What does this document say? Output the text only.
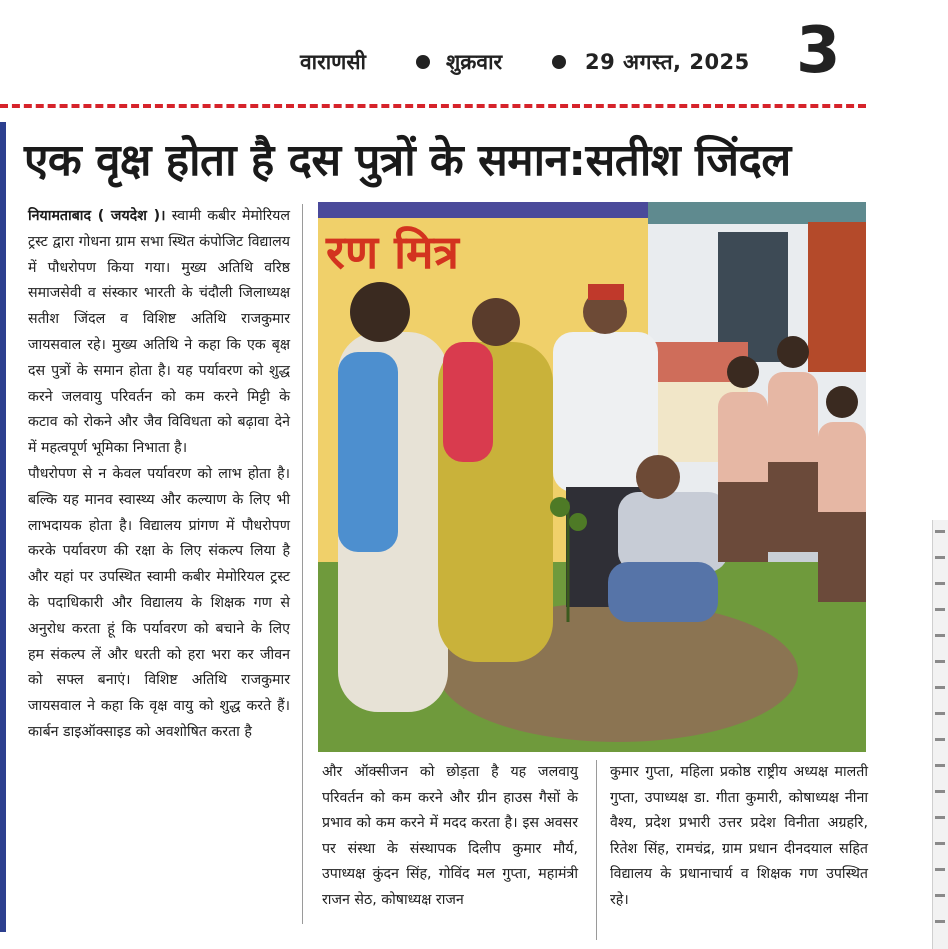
वाराणसी	शुक्रवार	29 अगस्त, 2025 3
एक वृक्ष होता है दस पुत्रों के समान:सतीश जिंदल

नियामताबाद ( जयदेश )। स्वामी कबीर मेमोरियल ट्रस्ट द्वारा गोधना ग्राम सभा स्थित कंपोजिट विद्यालय में पौधरोपण किया गया। मुख्य अतिथि वरिष्ठ समाजसेवी व संस्कार भारती के चंदौली जिलाध्यक्ष सतीश जिंदल व विशिष्ट अतिथि राजकुमार जायसवाल रहे। मुख्य अतिथि ने कहा कि एक बृक्ष दस पुत्रों के समान होता है। यह पर्यावरण को शुद्ध करने जलवायु परिवर्तन को कम करने मिट्टी के कटाव को रोकने और जैव विविधता को बढ़ावा देने में महत्वपूर्ण भूमिका निभाता है।

पौधरोपण से न केवल पर्यावरण को लाभ होता है। बल्कि यह मानव स्वास्थ्य और कल्याण के लिए भी लाभदायक होता है। विद्यालय प्रांगण में पौधरोपण करके पर्यावरण की रक्षा के लिए संकल्प लिया है और यहां पर उपस्थित स्वामी कबीर मेमोरियल ट्रस्ट के पदाधिकारी और विद्यालय के शिक्षक गण से अनुरोध करता हूं कि पर्यावरण को बचाने के लिए हम संकल्प लें और धरती को हरा भरा कर जीवन को सफ्ल बनाएं। विशिष्ट अतिथि राजकुमार जायसवाल ने कहा कि वृक्ष वायु को शुद्ध करते हैं। कार्बन डाइऑक्साइड को अवशोषित करता है

रण मित्र
और ऑक्सीजन को छोड़ता है यह जलवायु परिवर्तन को कम करने और ग्रीन हाउस गैसों के प्रभाव को कम करने में मदद करता है। इस अवसर पर संस्था के संस्थापक दिलीप कुमार मौर्य, उपाध्यक्ष कुंदन सिंह, गोविंद मल गुप्ता, महामंत्री राजन सेठ, कोषाध्यक्ष राजन
कुमार गुप्ता, महिला प्रकोष्ठ राष्ट्रीय अध्यक्ष मालती गुप्ता, उपाध्यक्ष डा. गीता कुमारी, कोषाध्यक्ष नीना वैश्य, प्रदेश प्रभारी उत्तर प्रदेश विनीता अग्रहरि, रितेश सिंह, रामचंद्र, ग्राम प्रधान दीनदयाल सहित विद्यालय के प्रधानाचार्य व शिक्षक गण उपस्थित रहे।
